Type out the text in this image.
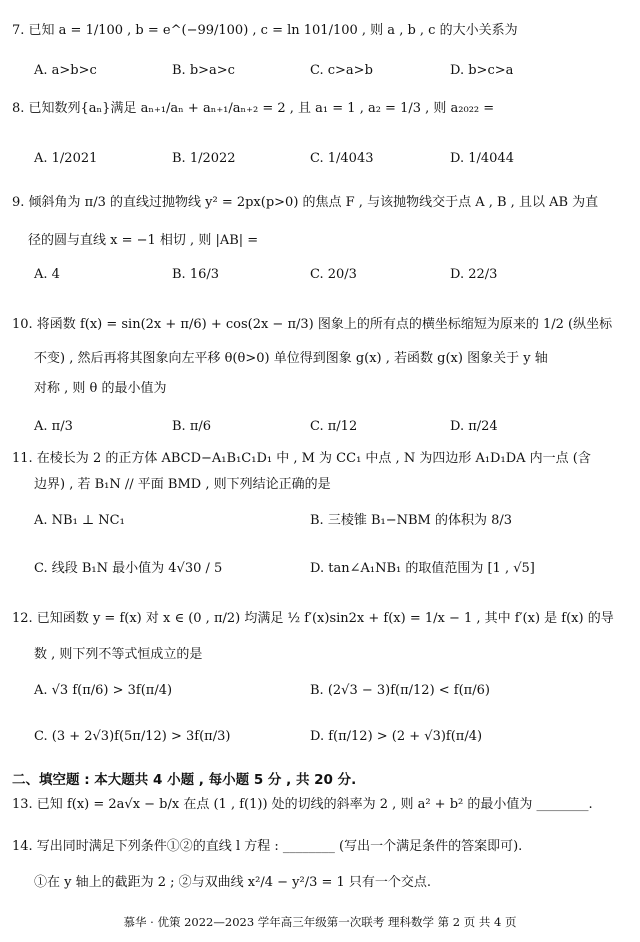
7. 已知 a = 1/100 , b = e^(−99/100) , c = ln 101/100 , 则 a , b , c 的大小关系为
A. a>b>c	B. b>a>c	C. c>a>b	D. b>c>a
8. 已知数列{aₙ}满足 aₙ₊₁/aₙ + aₙ₊₁/aₙ₊₂ = 2 , 且 a₁ = 1 , a₂ = 1/3 , 则 a₂₀₂₂ =
A. 1/2021	B. 1/2022	C. 1/4043	D. 1/4044
9. 倾斜角为 π/3 的直线过抛物线 y² = 2px(p>0) 的焦点 F , 与该抛物线交于点 A , B , 且以 AB 为直
径的圆与直线 x = −1 相切 , 则 |AB| =
A. 4	B. 16/3	C. 20/3	D. 22/3
10. 将函数 f(x) = sin(2x + π/6) + cos(2x − π/3) 图象上的所有点的横坐标缩短为原来的 1/2 (纵坐标
不变) , 然后再将其图象向左平移 θ(θ>0) 单位得到图象 g(x) , 若函数 g(x) 图象关于 y 轴
对称 , 则 θ 的最小值为
A. π/3	B. π/6	C. π/12	D. π/24
11. 在棱长为 2 的正方体 ABCD−A₁B₁C₁D₁ 中 , M 为 CC₁ 中点 , N 为四边形 A₁D₁DA 内一点 (含
边界) , 若 B₁N // 平面 BMD , 则下列结论正确的是
A. NB₁ ⊥ NC₁	B. 三棱锥 B₁−NBM 的体积为 8/3
C. 线段 B₁N 最小值为 4√30 / 5	D. tan∠A₁NB₁ 的取值范围为 [1 , √5]
12. 已知函数 y = f(x) 对 x ∈ (0 , π/2) 均满足 ½ f′(x)sin2x + f(x) = 1/x − 1 , 其中 f′(x) 是 f(x) 的导
数 , 则下列不等式恒成立的是
A. √3 f(π/6) > 3f(π/4)	B. (2√3 − 3)f(π/12) < f(π/6)
C. (3 + 2√3)f(5π/12) > 3f(π/3)	D. f(π/12) > (2 + √3)f(π/4)
二、填空题 : 本大题共 4 小题 , 每小题 5 分 , 共 20 分.
13. 已知 f(x) = 2a√x − b/x 在点 (1 , f(1)) 处的切线的斜率为 2 , 则 a² + b² 的最小值为 ________.
14. 写出同时满足下列条件①②的直线 l 方程 : ________ (写出一个满足条件的答案即可).
①在 y 轴上的截距为 2 ; ②与双曲线 x²/4 − y²/3 = 1 只有一个交点.
慕华 · 优策 2022—2023 学年高三年级第一次联考 理科数学 第 2 页 共 4 页
